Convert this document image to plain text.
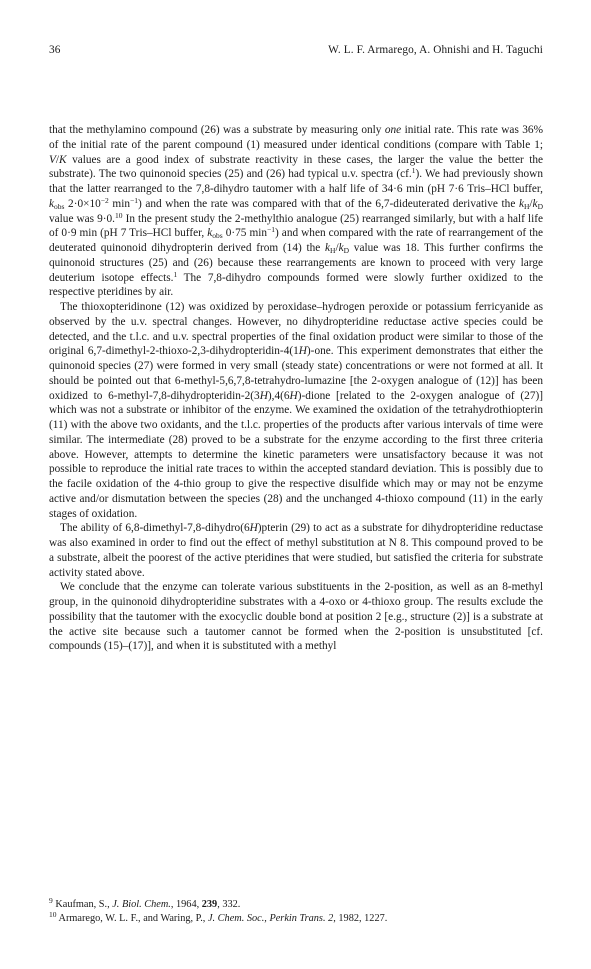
36	W. L. F. Armarego, A. Ohnishi and H. Taguchi

that the methylamino compound (26) was a substrate by measuring only one initial rate. This rate was 36% of the initial rate of the parent compound (1) measured under identical conditions (compare with Table 1; V/K values are a good index of substrate reactivity in these cases, the larger the value the better the substrate). The two quinonoid species (25) and (26) had typical u.v. spectra (cf.$^1$). We had previously shown that the latter rearranged to the 7,8-dihydro tautomer with a half life of 34·6 min (pH 7·6 Tris–HCl buffer, $k_{obs}$ $2\cdot 0\times 10^{-2}$ $\min^{-1}$) and when the rate was compared with that of the 6,7-dideuterated derivative the $k_H/k_D$ value was 9·0.10 In the present study the 2-methylthio analogue (25) rearranged similarly, but with a half life of 0·9 min (pH 7 Tris–HCl buffer, $k_{obs}$ 0·75 $\min^{-1}$) and when compared with the rate of rearrangement of the deuterated quinonoid dihydropterin derived from (14) the $k_H/k_D$ value was 18. This further confirms the quinonoid structures (25) and (26) because these rearrangements are known to proceed with very large deuterium isotope effects.$^1$ The 7,8-dihydro compounds formed were slowly further oxidized to the respective pteridines by air.

The thioxopteridinone (12) was oxidized by peroxidase–hydrogen peroxide or potassium ferricyanide as observed by the u.v. spectral changes. However, no dihydropteridine reductase active species could be detected, and the t.l.c. and u.v. spectral properties of the final oxidation product were similar to those of the original 6,7-dimethyl-2-thioxo-2,3-dihydropteridin-4(1H)-one. This experiment demonstrates that either the quinonoid species (27) were formed in very small (steady state) concentrations or were not formed at all. It should be pointed out that 6-methyl-5,6,7,8-tetrahydro-lumazine [the 2-oxygen analogue of (12)] has been oxidized to 6-methyl-7,8-dihydropteridin-2(3H),4(6H)-dione [related to the 2-oxygen analogue of (27)] which was not a substrate or inhibitor of the enzyme. We examined the oxidation of the tetrahydrothiopterin (11) with the above two oxidants, and the t.l.c. properties of the products after various intervals of time were similar. The intermediate (28) proved to be a substrate for the enzyme according to the first three criteria above. However, attempts to determine the kinetic parameters were unsatisfactory because it was not possible to reproduce the initial rate traces to within the accepted standard deviation. This is possibly due to the facile oxidation of the 4-thio group to give the respective disulfide which may or may not be enzyme active and/or dismutation between the species (28) and the unchanged 4-thioxo compound (11) in the early stages of oxidation.

The ability of 6,8-dimethyl-7,8-dihydro(6H)pterin (29) to act as a substrate for dihydropteridine reductase was also examined in order to find out the effect of methyl substitution at N 8. This compound proved to be a substrate, albeit the poorest of the active pteridines that were studied, but satisfied the criteria for substrate activity stated above.

We conclude that the enzyme can tolerate various substituents in the 2-position, as well as an 8-methyl group, in the quinonoid dihydropteridine substrates with a 4-oxo or 4-thioxo group. The results exclude the possibility that the tautomer with the exocyclic double bond at position 2 [e.g., structure (2)] is a substrate at the active site because such a tautomer cannot be formed when the 2-position is unsubstituted [cf. compounds (15)–(17)], and when it is substituted with a methyl

$^9$ Kaufman, S., J. Biol. Chem., 1964, 239, 332.

$^{10}$ Armarego, W. L. F., and Waring, P., J. Chem. Soc., Perkin Trans. 2, 1982, 1227.
